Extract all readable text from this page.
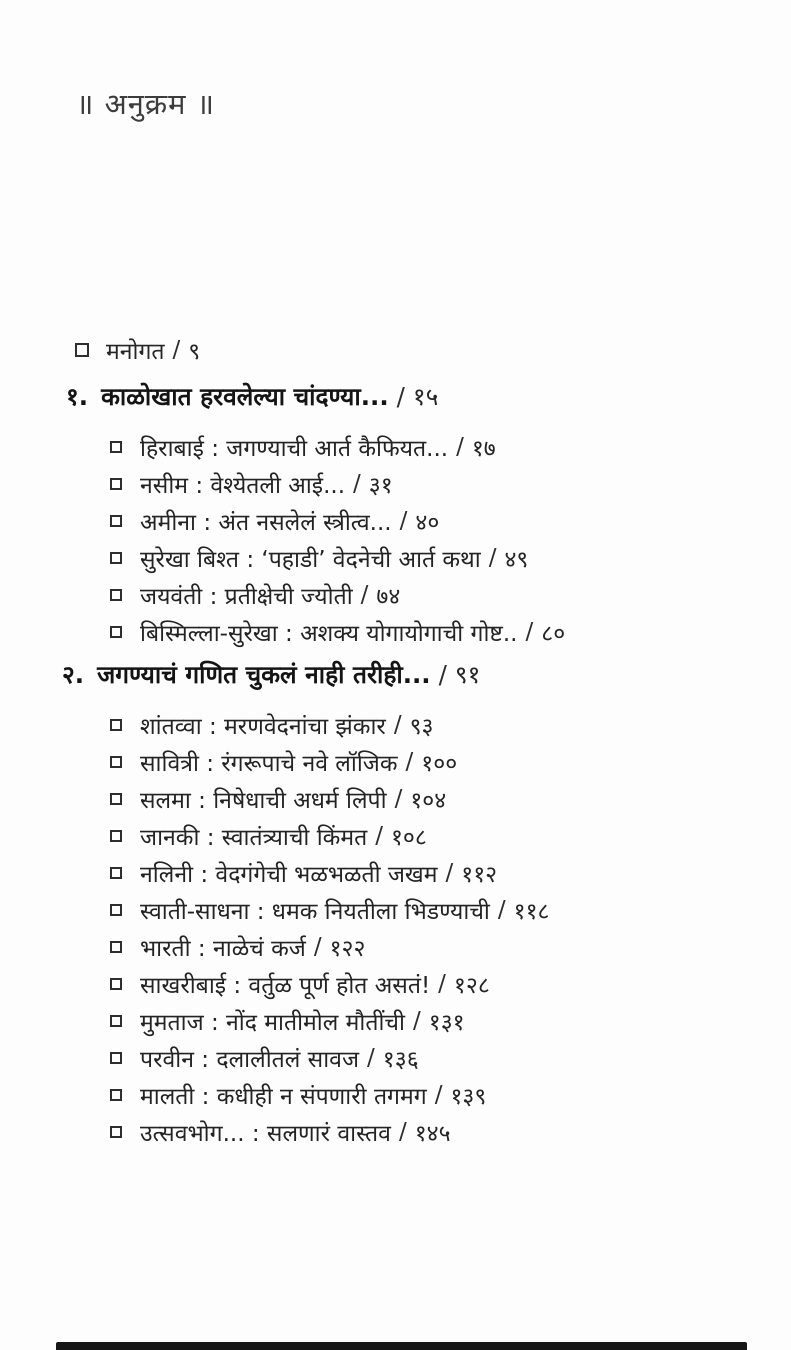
॥ अनुक्रम ॥
मनोगत / ९
१. काळोखात हरवलेल्या चांदण्या... / १५
हिराबाई : जगण्याची आर्त कैफियत... / १७
नसीम : वेश्येतली आई... / ३१
अमीना : अंत नसलेलं स्त्रीत्व... / ४०
सुरेखा बिश्त : ‘पहाडी’ वेदनेची आर्त कथा / ४९
जयवंती : प्रतीक्षेची ज्योती / ७४
बिस्मिल्ला-सुरेखा : अशक्य योगायोगाची गोष्ट.. / ८०
२. जगण्याचं गणित चुकलं नाही तरीही... / ९१
शांतव्वा : मरणवेदनांचा झंकार / ९३
सावित्री : रंगरूपाचे नवे लॉजिक / १००
सलमा : निषेधाची अधर्म लिपी / १०४
जानकी : स्वातंत्र्याची किंमत / १०८
नलिनी : वेदगंगेची भळभळती जखम / ११२
स्वाती-साधना : धमक नियतीला भिडण्याची / ११८
भारती : नाळेचं कर्ज / १२२
साखरीबाई : वर्तुळ पूर्ण होत असतं! / १२८
मुमताज : नोंद मातीमोल मौतींची / १३१
परवीन : दलालीतलं सावज / १३६
मालती : कधीही न संपणारी तगमग / १३९
उत्सवभोग... : सलणारं वास्तव / १४५
